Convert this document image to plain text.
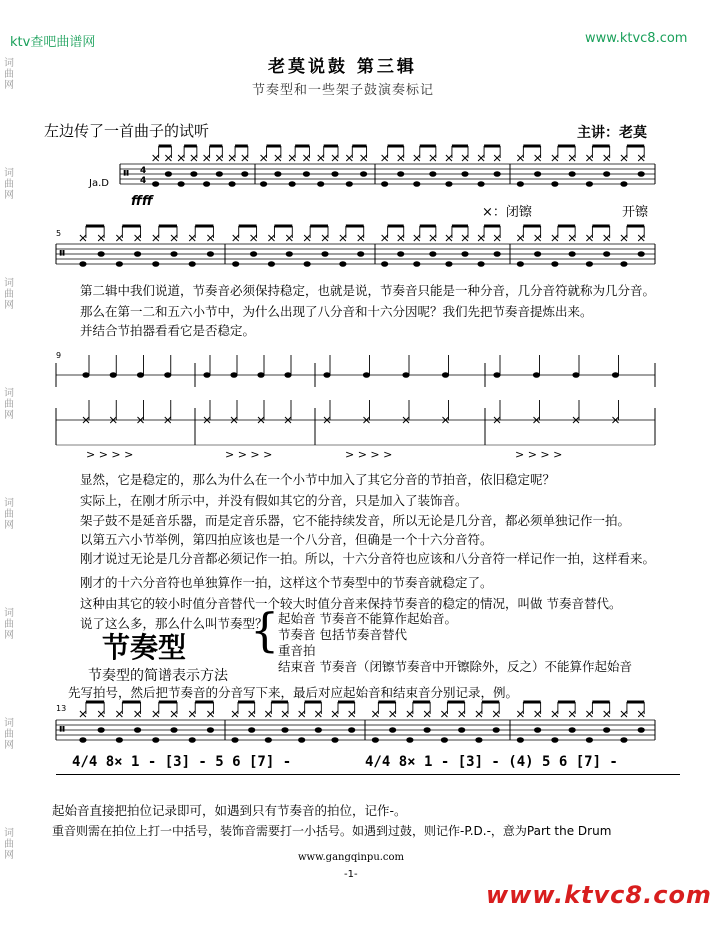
ktv查吧曲谱网	www.ktvc8.com
词
曲
网
词
曲
网
词
曲
网
词
曲
网
词
曲
网
词
曲
网
词
曲
网
词
曲
网
老莫说鼓 第三辑
节奏型和一些架子鼓演奏标记
左边传了一首曲子的试听	主讲：老莫
Ja.D
ffff
×：闭镲	开镲
5
𝄥 4
4
𝄥
第二辑中我们说道，节奏音必须保持稳定，也就是说，节奏音只能是一种分音，几分音符就称为几分音。
那么在第一二和五六小节中，为什么出现了八分音和十六分因呢？我们先把节奏音提炼出来。
并结合节拍器看看它是否稳定。
9
> > > >	> > > >	> > > >	> > > >
显然，它是稳定的，那么为什么在一个小节中加入了其它分音的节拍音，依旧稳定呢？
实际上，在刚才所示中，并没有假如其它的分音，只是加入了装饰音。
架子鼓不是延音乐器，而是定音乐器，它不能持续发音，所以无论是几分音，都必须单独记作一拍。
以第五六小节举例，第四拍应该也是一个八分音，但确是一个十六分音符。
刚才说过无论是几分音都必须记作一拍。所以，十六分音符也应该和八分音符一样记作一拍，这样看来。
刚才的十六分音符也单独算作一拍，这样这个节奏型中的节奏音就稳定了。
这种由其它的较小时值分音替代一个较大时值分音来保持节奏音的稳定的情况，叫做 节奏音替代。
说了这么多，那么什么叫节奏型？
节奏型 {
起始音 节奏音不能算作起始音。
节奏音 包括节奏音替代
重音拍
结束音 节奏音（闭镲节奏音中开镲除外，反之）不能算作起始音
节奏型的简谱表示方法
先写拍号，然后把节奏音的分音写下来，最后对应起始音和结束音分别记录，例。
13
𝄥
4/4 8× 1 - [3] - 5 6 [7] -	4/4 8× 1 - [3] - (4) 5 6 [7] -
起始音直接把拍位记录即可，如遇到只有节奏音的拍位，记作-。
重音则需在拍位上打一中括号，装饰音需要打一小括号。如遇到过鼓，则记作-P.D.-，意为Part the Drum
www.gangqinpu.com
-1-
www.ktvc8.com
